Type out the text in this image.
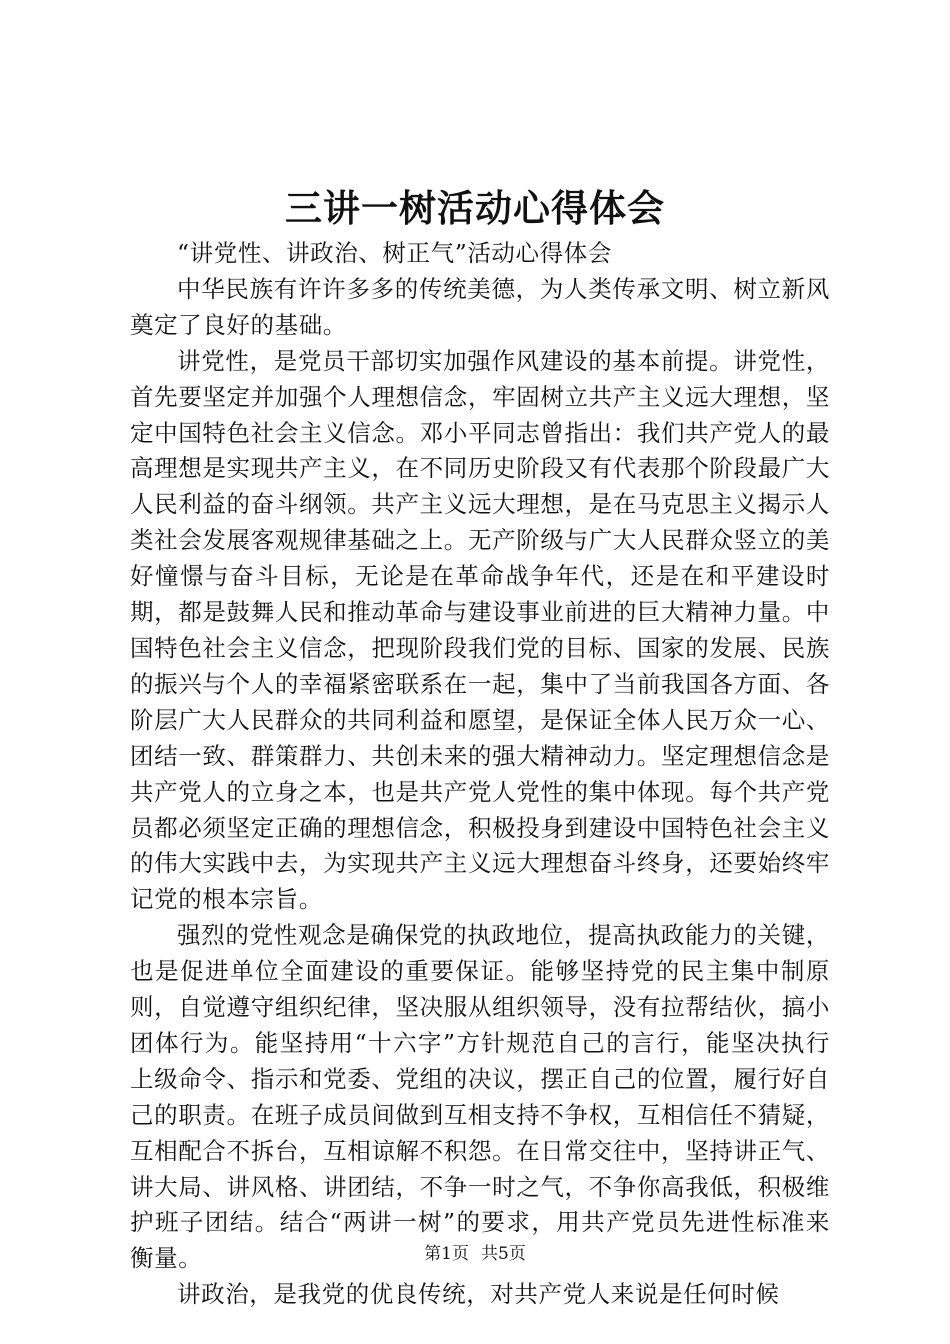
三讲一树活动心得体会

“讲党性、讲政治、树正气”活动心得体会

中华民族有许许多多的传统美德，为人类传承文明、树立新风奠定了良好的基础。

讲党性，是党员干部切实加强作风建设的基本前提。讲党性，首先要坚定并加强个人理想信念，牢固树立共产主义远大理想，坚定中国特色社会主义信念。邓小平同志曾指出：我们共产党人的最高理想是实现共产主义，在不同历史阶段又有代表那个阶段最广大人民利益的奋斗纲领。共产主义远大理想，是在马克思主义揭示人类社会发展客观规律基础之上。无产阶级与广大人民群众竖立的美好憧憬与奋斗目标，无论是在革命战争年代，还是在和平建设时期，都是鼓舞人民和推动革命与建设事业前进的巨大精神力量。中国特色社会主义信念，把现阶段我们党的目标、国家的发展、民族的振兴与个人的幸福紧密联系在一起，集中了当前我国各方面、各阶层广大人民群众的共同利益和愿望，是保证全体人民万众一心、团结一致、群策群力、共创未来的强大精神动力。坚定理想信念是共产党人的立身之本，也是共产党人党性的集中体现。每个共产党员都必须坚定正确的理想信念，积极投身到建设中国特色社会主义的伟大实践中去，为实现共产主义远大理想奋斗终身，还要始终牢记党的根本宗旨。

强烈的党性观念是确保党的执政地位，提高执政能力的关键，也是促进单位全面建设的重要保证。能够坚持党的民主集中制原则，自觉遵守组织纪律，坚决服从组织领导，没有拉帮结伙，搞小团体行为。能坚持用“十六字”方针规范自己的言行，能坚决执行上级命令、指示和党委、党组的决议，摆正自己的位置，履行好自己的职责。在班子成员间做到互相支持不争权，互相信任不猜疑，互相配合不拆台，互相谅解不积怨。在日常交往中，坚持讲正气、讲大局、讲风格、讲团结，不争一时之气，不争你高我低，积极维护班子团结。结合“两讲一树”的要求，用共产党员先进性标准来衡量。

讲政治，是我党的优良传统，对共产党人来说是任何时候

第1页 共5页
